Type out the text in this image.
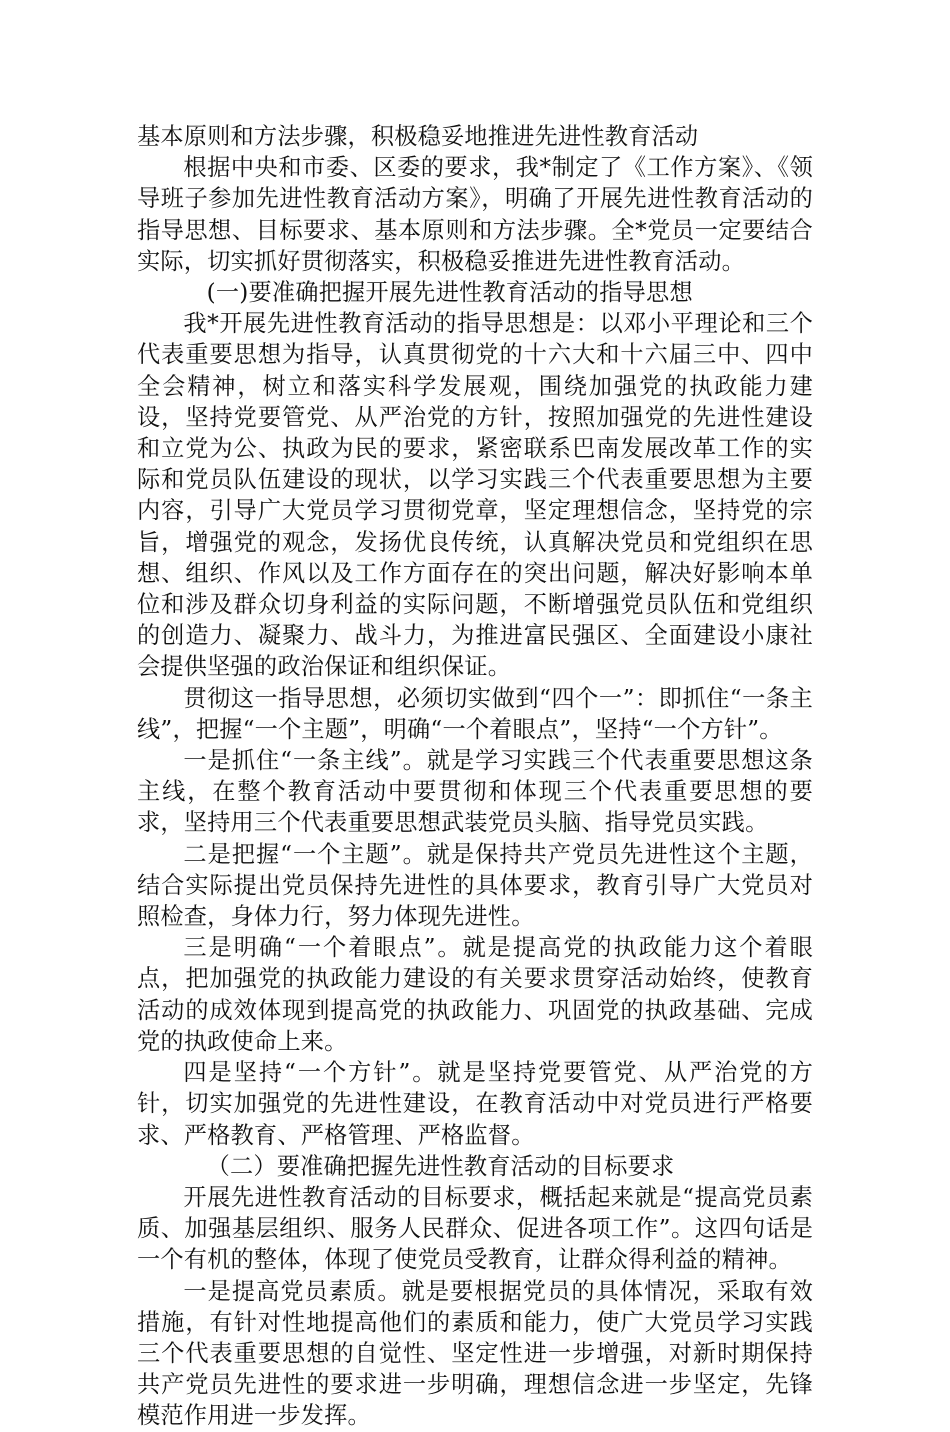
基本原则和方法步骤，积极稳妥地推进先进性教育活动

根据中央和市委、区委的要求，我*制定了《工作方案》、《领导班子参加先进性教育活动方案》，明确了开展先进性教育活动的指导思想、目标要求、基本原则和方法步骤。全*党员一定要结合实际，切实抓好贯彻落实，积极稳妥推进先进性教育活动。

(一)要准确把握开展先进性教育活动的指导思想

我*开展先进性教育活动的指导思想是：以邓小平理论和三个代表重要思想为指导，认真贯彻党的十六大和十六届三中、四中全会精神，树立和落实科学发展观，围绕加强党的执政能力建设，坚持党要管党、从严治党的方针，按照加强党的先进性建设和立党为公、执政为民的要求，紧密联系巴南发展改革工作的实际和党员队伍建设的现状，以学习实践三个代表重要思想为主要内容，引导广大党员学习贯彻党章，坚定理想信念，坚持党的宗旨，增强党的观念，发扬优良传统，认真解决党员和党组织在思想、组织、作风以及工作方面存在的突出问题，解决好影响本单位和涉及群众切身利益的实际问题，不断增强党员队伍和党组织的创造力、凝聚力、战斗力，为推进富民强区、全面建设小康社会提供坚强的政治保证和组织保证。

贯彻这一指导思想，必须切实做到“四个一”：即抓住“一条主线”，把握“一个主题”，明确“一个着眼点”，坚持“一个方针”。

一是抓住“一条主线”。就是学习实践三个代表重要思想这条主线，在整个教育活动中要贯彻和体现三个代表重要思想的要求，坚持用三个代表重要思想武装党员头脑、指导党员实践。

二是把握“一个主题”。就是保持共产党员先进性这个主题，结合实际提出党员保持先进性的具体要求，教育引导广大党员对照检查，身体力行，努力体现先进性。

三是明确“一个着眼点”。就是提高党的执政能力这个着眼点，把加强党的执政能力建设的有关要求贯穿活动始终，使教育活动的成效体现到提高党的执政能力、巩固党的执政基础、完成党的执政使命上来。

四是坚持“一个方针”。就是坚持党要管党、从严治党的方针，切实加强党的先进性建设，在教育活动中对党员进行严格要求、严格教育、严格管理、严格监督。

（二）要准确把握先进性教育活动的目标要求

开展先进性教育活动的目标要求，概括起来就是“提高党员素质、加强基层组织、服务人民群众、促进各项工作”。这四句话是一个有机的整体，体现了使党员受教育，让群众得利益的精神。

一是提高党员素质。就是要根据党员的具体情况，采取有效措施，有针对性地提高他们的素质和能力，使广大党员学习实践三个代表重要思想的自觉性、坚定性进一步增强，对新时期保持共产党员先进性的要求进一步明确，理想信念进一步坚定，先锋模范作用进一步发挥。
